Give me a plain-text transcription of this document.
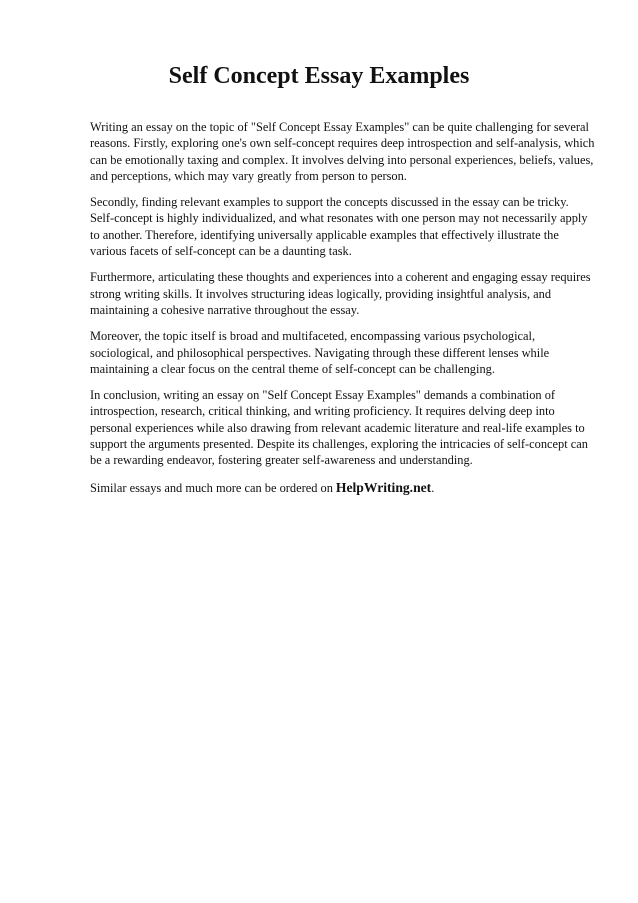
Self Concept Essay Examples

Writing an essay on the topic of "Self Concept Essay Examples" can be quite challenging for several reasons. Firstly, exploring one's own self-concept requires deep introspection and self-analysis, which can be emotionally taxing and complex. It involves delving into personal experiences, beliefs, values, and perceptions, which may vary greatly from person to person.

Secondly, finding relevant examples to support the concepts discussed in the essay can be tricky. Self-concept is highly individualized, and what resonates with one person may not necessarily apply to another. Therefore, identifying universally applicable examples that effectively illustrate the various facets of self-concept can be a daunting task.

Furthermore, articulating these thoughts and experiences into a coherent and engaging essay requires strong writing skills. It involves structuring ideas logically, providing insightful analysis, and maintaining a cohesive narrative throughout the essay.

Moreover, the topic itself is broad and multifaceted, encompassing various psychological, sociological, and philosophical perspectives. Navigating through these different lenses while maintaining a clear focus on the central theme of self-concept can be challenging.

In conclusion, writing an essay on "Self Concept Essay Examples" demands a combination of introspection, research, critical thinking, and writing proficiency. It requires delving deep into personal experiences while also drawing from relevant academic literature and real-life examples to support the arguments presented. Despite its challenges, exploring the intricacies of self-concept can be a rewarding endeavor, fostering greater self-awareness and understanding.

Similar essays and much more can be ordered on HelpWriting.net.
